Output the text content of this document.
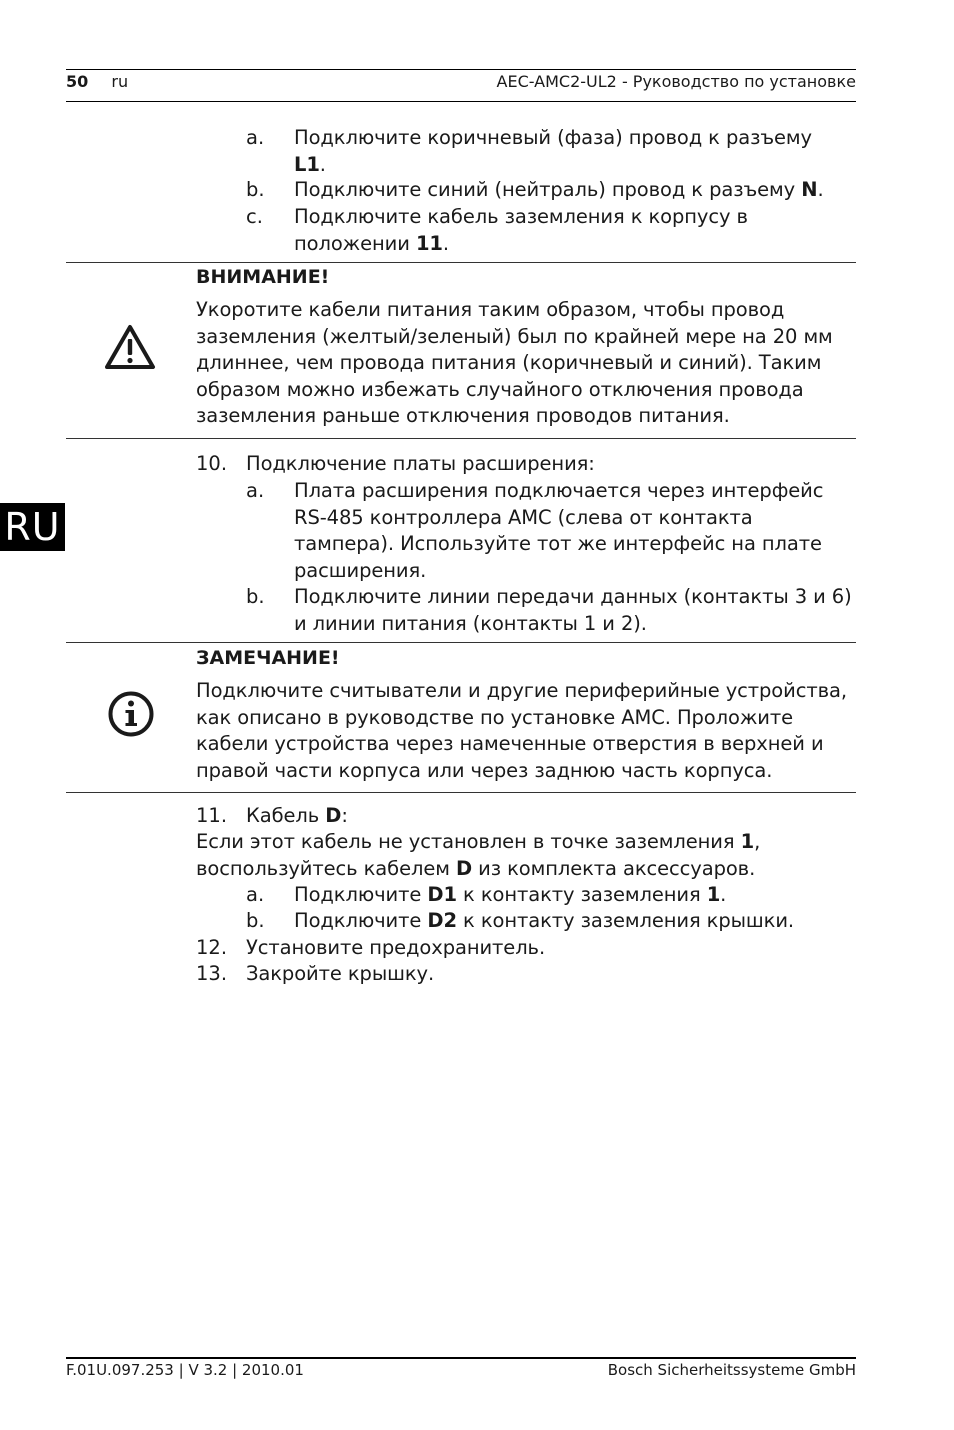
50 ru	AEC-AMC2-UL2 - Руководство по установке
a. Подключите коричневый (фаза) провод к разъему
L1.
b. Подключите синий (нейтраль) провод к разъему N.
c. Подключите кабель заземления к корпусу в
положении 11.
ВНИМАНИЕ!
Укоротите кабели питания таким образом, чтобы провод
заземления (желтый/зеленый) был по крайней мере на 20 мм
длиннее, чем провода питания (коричневый и синий). Таким
образом можно избежать случайного отключения провода
заземления раньше отключения проводов питания.
RU
10. Подключение платы расширения:
a. Плата расширения подключается через интерфейс
RS-485 контроллера AMC (слева от контакта
тампера). Используйте тот же интерфейс на плате
расширения.
b. Подключите линии передачи данных (контакты 3 и 6)
и линии питания (контакты 1 и 2).
ЗАМЕЧАНИЕ!
Подключите считыватели и другие периферийные устройства,
как описано в руководстве по установке AMC. Проложите
кабели устройства через намеченные отверстия в верхней и
правой части корпуса или через заднюю часть корпуса.
11. Кабель D:
Если этот кабель не установлен в точке заземления 1,
воспользуйтесь кабелем D из комплекта аксессуаров.
a. Подключите D1 к контакту заземления 1.
b. Подключите D2 к контакту заземления крышки.
12. Установите предохранитель.
13. Закройте крышку.
F.01U.097.253 | V 3.2 | 2010.01	Bosch Sicherheitssysteme GmbH
